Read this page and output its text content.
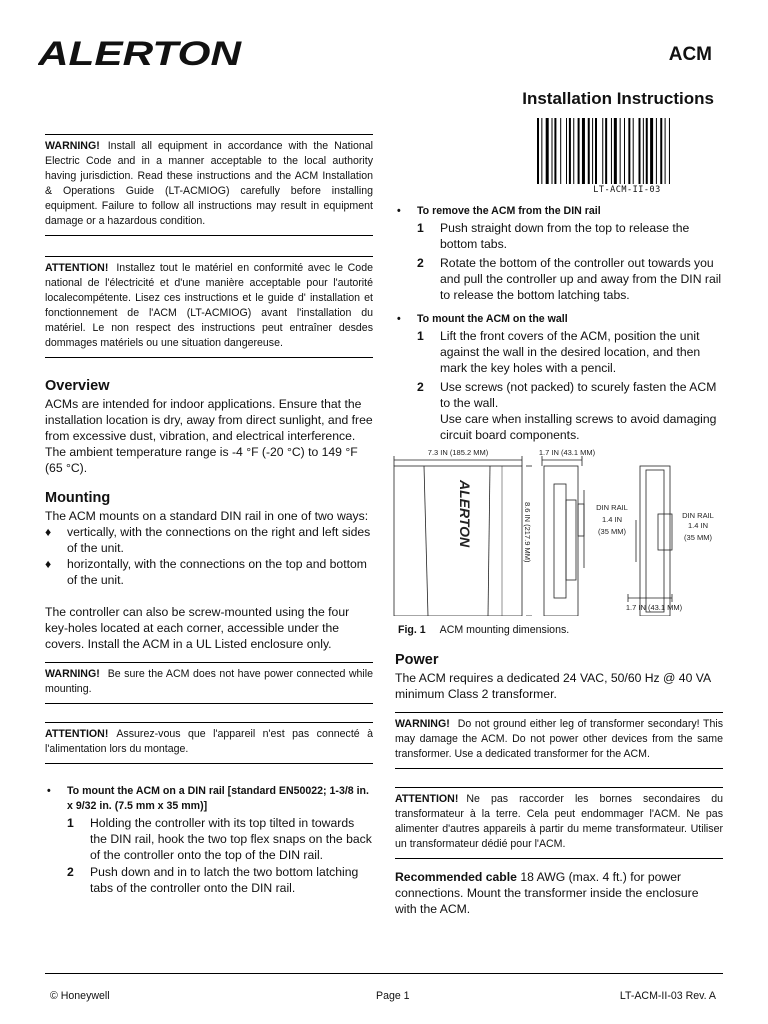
ALERTON	ACM
Installation Instructions
LT-ACM-II-03
WARNING! Install all equipment in accordance with the National Electric Code and in a manner acceptable to the local authority having jurisdiction. Read these instructions and the ACM Installation & Operations Guide (LT-ACMIOG) carefully before installing equipment. Failure to follow all instructions may result in equipment damage or a hazardous condition.
ATTENTION! Installez tout le matériel en conformité avec le Code national de l'électricité et d'une manière acceptable pour l'autorité localecompétente. Lisez ces instructions et le guide d' installation et fonctionnement de l'ACM (LT-ACMIOG) avant l'installation du matériel. Le non respect des instructions peut entraîner desdes dommages matériels ou une situation dangereuse.
Overview

ACMs are intended for indoor applications. Ensure that the installation location is dry, away from direct sunlight, and free from excessive dust, vibration, and electrical interference. The ambient temperature range is -4 °F (-20 °C) to 149 °F (65 °C).

Mounting

The ACM mounts on a standard DIN rail in one of two ways:

♦ vertically, with the connections on the right and left sides of the unit.
♦ horizontally, with the connections on the top and bottom of the unit.

The controller can also be screw-mounted using the four key-holes located at each corner, accessible under the covers. Install the ACM in a UL Listed enclosure only.

WARNING! Be sure the ACM does not have power connected while mounting.
ATTENTION! Assurez-vous que l'appareil n'est pas connecté à l'alimentation lors du montage.
• To mount the ACM on a DIN rail [standard EN50022; 1-3/8 in. x 9/32 in. (7.5 mm x 35 mm)]
1 Holding the controller with its top tilted in towards the DIN rail, hook the two top flex snaps on the back of the controller onto the top of the DIN rail.
2 Push down and in to latch the two bottom latching tabs of the controller onto the DIN rail.
• To remove the ACM from the DIN rail
1 Push straight down from the top to release the bottom tabs.
2 Rotate the bottom of the controller out towards you and pull the controller up and away from the DIN rail to release the bottom latching tabs.
• To mount the ACM on the wall
1 Lift the front covers of the ACM, position the unit against the wall in the desired location, and then mark the key holes with a pencil.
2 Use screws (not packed) to scurely fasten the ACM to the wall.
Use care when installing screws to avoid damaging circuit board components.
7.3 IN (185.2 MM)
ALERTON	8.6 IN (217.9 MM)
1.7 IN (43.1 MM)
DIN RAIL
1.4 IN
(35 MM)
DIN RAIL
1.4 IN
(35 MM)
1.7 IN (43.1 MM)
Fig. 1 ACM mounting dimensions.
Power

The ACM requires a dedicated 24 VAC, 50/60 Hz @ 40 VA minimum Class 2 transformer.

WARNING! Do not ground either leg of transformer secondary! This may damage the ACM. Do not power other devices from the same transformer. Use a dedicated transformer for the ACM.
ATTENTION! Ne pas raccorder les bornes secondaires du transformateur à la terre. Cela peut endommager l'ACM. Ne pas alimenter d'autres appareils à partir du meme transformateur. Utiliser un transformateur dédié pour l'ACM.

Recommended cable 18 AWG (max. 4 ft.) for power connections. Mount the transformer inside the enclosure with the ACM.

© Honeywell	Page 1	LT-ACM-II-03 Rev. A
